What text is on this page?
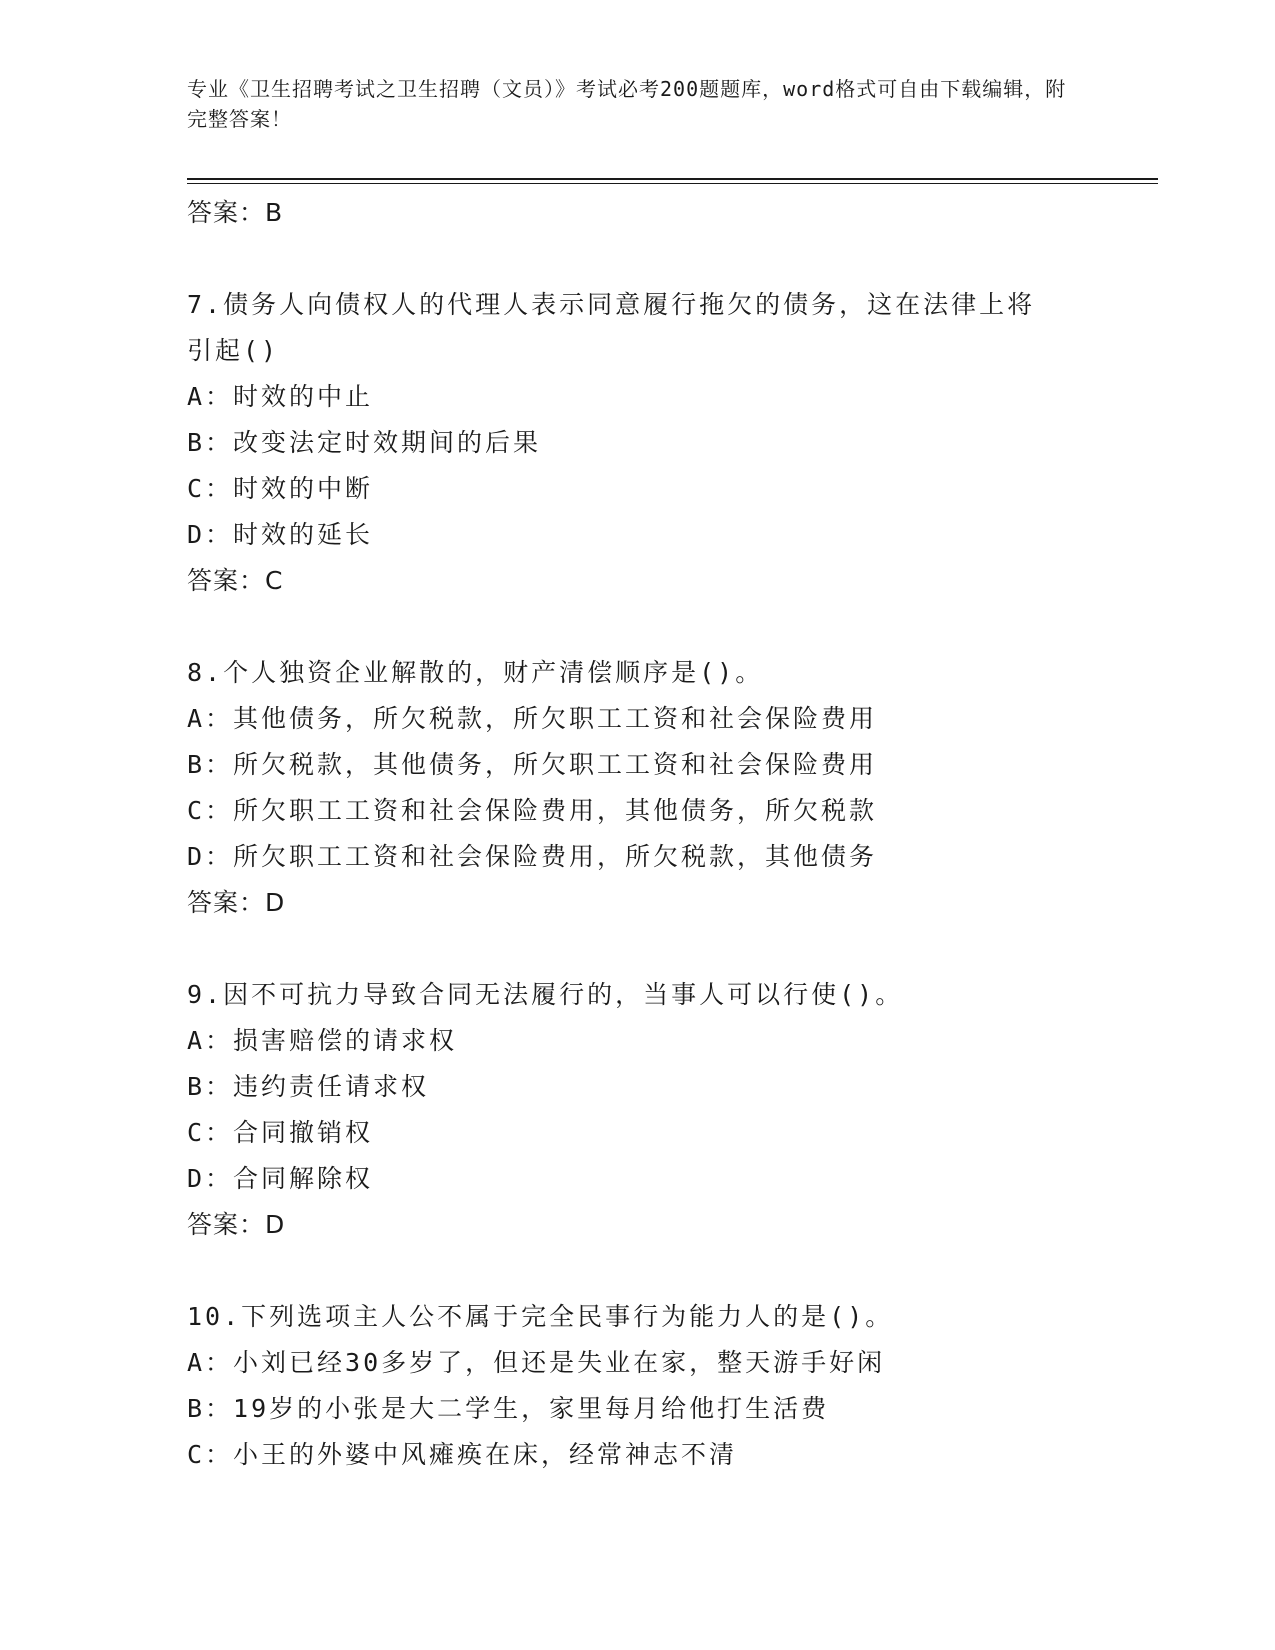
专业《卫生招聘考试之卫生招聘（文员）》考试必考200题题库，word格式可自由下载编辑，附完整答案！
答案：B
7.债务人向债权人的代理人表示同意履行拖欠的债务，这在法律上将
引起()
A：时效的中止
B：改变法定时效期间的后果
C：时效的中断
D：时效的延长
答案：C
8.个人独资企业解散的，财产清偿顺序是()。
A：其他债务，所欠税款，所欠职工工资和社会保险费用
B：所欠税款，其他债务，所欠职工工资和社会保险费用
C：所欠职工工资和社会保险费用，其他债务，所欠税款
D：所欠职工工资和社会保险费用，所欠税款，其他债务
答案：D
9.因不可抗力导致合同无法履行的，当事人可以行使()。
A：损害赔偿的请求权
B：违约责任请求权
C：合同撤销权
D：合同解除权
答案：D
10.下列选项主人公不属于完全民事行为能力人的是()。
A：小刘已经30多岁了，但还是失业在家，整天游手好闲
B：19岁的小张是大二学生，家里每月给他打生活费
C：小王的外婆中风瘫痪在床，经常神志不清
